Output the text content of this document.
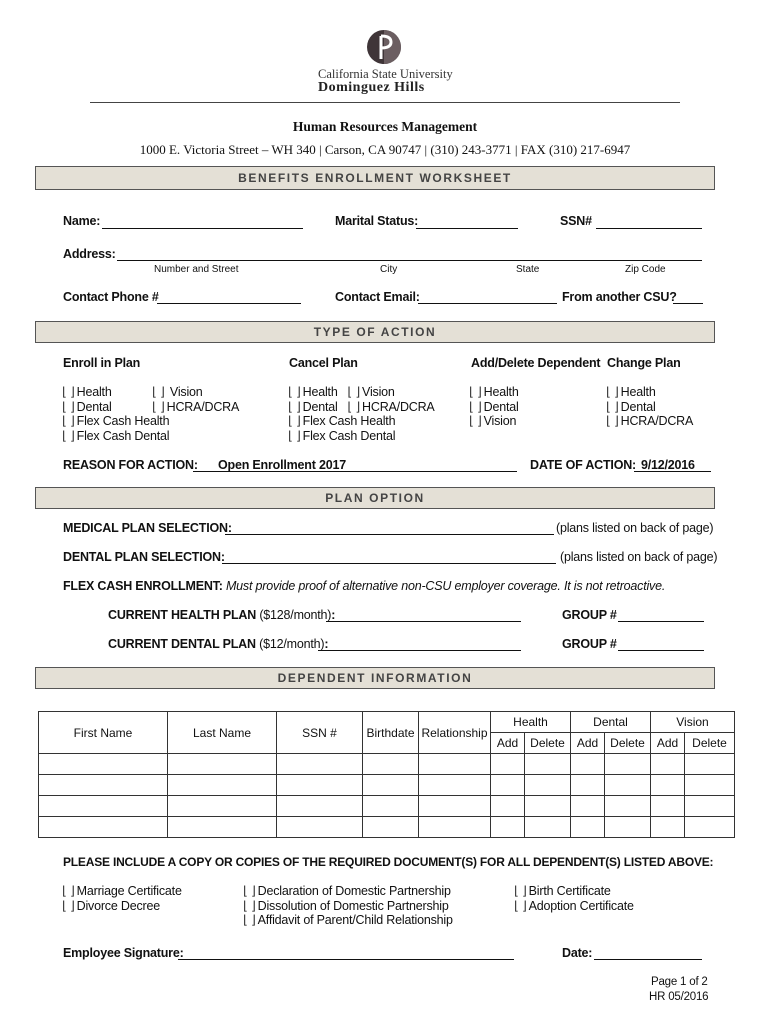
California State University
Dominguez Hills
Human Resources Management
1000 E. Victoria Street – WH 340 | Carson, CA 90747 | (310) 243-3771 | FAX (310) 217-6947
BENEFITS ENROLLMENT WORKSHEET
Name:	Marital Status:	SSN#
Address:
Number and Street	City	State	Zip Code
Contact Phone #	Contact Email:	From another CSU?
TYPE OF ACTION
Enroll in Plan
⌊ ⌋ Health
⌊ ⌋ Dental
⌊ ⌋ Flex Cash Health
⌊ ⌋ Flex Cash Dental
⌊ ⌋ Vision
⌊ ⌋ HCRA/DCRA
Cancel Plan
⌊ ⌋ Health ⌊ ⌋ Vision
⌊ ⌋ Dental ⌊ ⌋ HCRA/DCRA
⌊ ⌋ Flex Cash Health
⌊ ⌋ Flex Cash Dental
Add/Delete Dependent
⌊ ⌋ Health
⌊ ⌋ Dental
⌊ ⌋ Vision
Change Plan
⌊ ⌋ Health
⌊ ⌋ Dental
⌊ ⌋ HCRA/DCRA
REASON FOR ACTION: Open Enrollment 2017	DATE OF ACTION: 9/12/2016
PLAN OPTION
MEDICAL PLAN SELECTION:	(plans listed on back of page)
DENTAL PLAN SELECTION:	(plans listed on back of page)
FLEX CASH ENROLLMENT: Must provide proof of alternative non-CSU employer coverage. It is not retroactive.
CURRENT HEALTH PLAN ($128/month):	GROUP #
CURRENT DENTAL PLAN ($12/month):	GROUP #
DEPENDENT INFORMATION
First Name	Last Name	SSN #	Birthdate	Relationship	Health		Dental		Vision	
					Add	Delete	Add	Delete	Add	Delete

PLEASE INCLUDE A COPY OR COPIES OF THE REQUIRED DOCUMENT(S) FOR ALL DEPENDENT(S) LISTED ABOVE:
⌊ ⌋ Marriage Certificate
⌊ ⌋ Divorce Decree
⌊ ⌋ Declaration of Domestic Partnership
⌊ ⌋ Dissolution of Domestic Partnership
⌊ ⌋ Affidavit of Parent/Child Relationship
⌊ ⌋ Birth Certificate
⌊ ⌋ Adoption Certificate
Employee Signature:	Date:
Page 1 of 2
HR 05/2016
